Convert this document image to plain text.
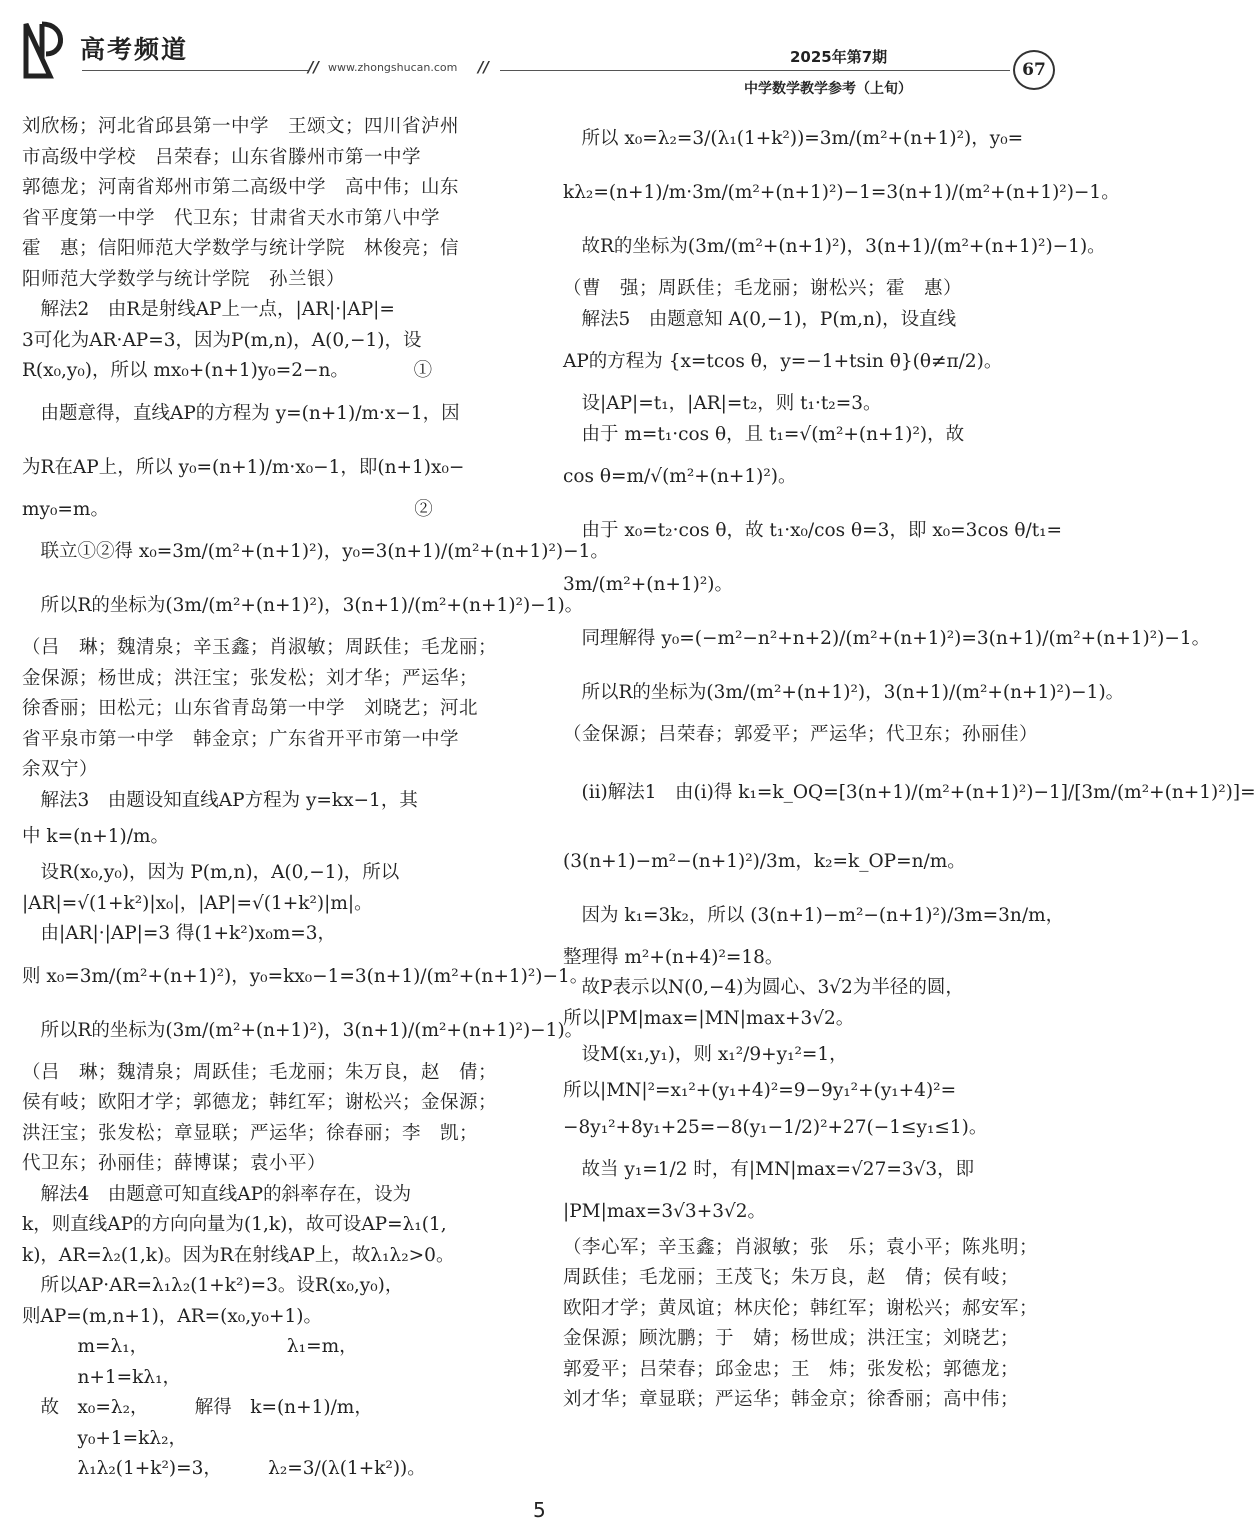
高考频道
// www.zhongshucan.com //
2025年第7期
中学数学教学参考（上旬）
67
刘欣杨；河北省邱县第一中学　王颂文；四川省泸州
市高级中学校　吕荣春；山东省滕州市第一中学
郭德龙；河南省郑州市第二高级中学　高中伟；山东
省平度第一中学　代卫东；甘肃省天水市第八中学
霍　惠；信阳师范大学数学与统计学院　林俊亮；信
阳师范大学数学与统计学院　孙兰银）
　解法2　由R是射线AP上一点，|AR|·|AP|=
3可化为AR·AP=3，因为P(m,n)，A(0,−1)，设
R(x₀,y₀)，所以 mx₀+(n+1)y₀=2−n。　　　　①
　由题意得，直线AP的方程为 y=(n+1)/m·x−1，因
为R在AP上，所以 y₀=(n+1)/m·x₀−1，即(n+1)x₀−
my₀=m。　　　　　　　　　　　　　　　　　②
　联立①②得 x₀=3m/(m²+(n+1)²)，y₀=3(n+1)/(m²+(n+1)²)−1。
　所以R的坐标为(3m/(m²+(n+1)²)，3(n+1)/(m²+(n+1)²)−1)。
（吕　琳；魏清泉；辛玉鑫；肖淑敏；周跃佳；毛龙丽；
金保源；杨世成；洪汪宝；张发松；刘才华；严运华；
徐香丽；田松元；山东省青岛第一中学　刘晓艺；河北
省平泉市第一中学　韩金京；广东省开平市第一中学
余双宁）
　解法3　由题设知直线AP方程为 y=kx−1，其
中 k=(n+1)/m。
　设R(x₀,y₀)，因为 P(m,n)，A(0,−1)，所以
|AR|=√(1+k²)|x₀|，|AP|=√(1+k²)|m|。
　由|AR|·|AP|=3 得(1+k²)x₀m=3，
则 x₀=3m/(m²+(n+1)²)，y₀=kx₀−1=3(n+1)/(m²+(n+1)²)−1。
　所以R的坐标为(3m/(m²+(n+1)²)，3(n+1)/(m²+(n+1)²)−1)。
（吕　琳；魏清泉；周跃佳；毛龙丽；朱万良，赵　倩；
侯有岐；欧阳才学；郭德龙；韩红军；谢松兴；金保源；
洪汪宝；张发松；章显联；严运华；徐春丽；李　凯；
代卫东；孙丽佳；薛博谋；袁小平）
　解法4　由题意可知直线AP的斜率存在，设为
k，则直线AP的方向向量为(1,k)，故可设AP=λ₁(1,
k)，AR=λ₂(1,k)。因为R在射线AP上，故λ₁λ₂>0。
　所以AP·AR=λ₁λ₂(1+k²)=3。设R(x₀,y₀)，
则AP=(m,n+1)，AR=(x₀,y₀+1)。
　　　m=λ₁，　　　　　　　　λ₁=m，
　　　n+1=kλ₁，
　故　x₀=λ₂，　　　解得　k=(n+1)/m，
　　　y₀+1=kλ₂，
　　　λ₁λ₂(1+k²)=3，　　　λ₂=3/(λ(1+k²))。
　所以 x₀=λ₂=3/(λ₁(1+k²))=3m/(m²+(n+1)²)，y₀=
kλ₂=(n+1)/m·3m/(m²+(n+1)²)−1=3(n+1)/(m²+(n+1)²)−1。
　故R的坐标为(3m/(m²+(n+1)²)，3(n+1)/(m²+(n+1)²)−1)。
（曹　强；周跃佳；毛龙丽；谢松兴；霍　惠）
　解法5　由题意知 A(0,−1)，P(m,n)，设直线
AP的方程为 {x=tcos θ，y=−1+tsin θ}(θ≠π/2)。
　设|AP|=t₁，|AR|=t₂，则 t₁·t₂=3。
　由于 m=t₁·cos θ，且 t₁=√(m²+(n+1)²)，故
cos θ=m/√(m²+(n+1)²)。
　由于 x₀=t₂·cos θ，故 t₁·x₀/cos θ=3，即 x₀=3cos θ/t₁=
3m/(m²+(n+1)²)。
　同理解得 y₀=(−m²−n²+n+2)/(m²+(n+1)²)=3(n+1)/(m²+(n+1)²)−1。
　所以R的坐标为(3m/(m²+(n+1)²)，3(n+1)/(m²+(n+1)²)−1)。
（金保源；吕荣春；郭爱平；严运华；代卫东；孙丽佳）
　(ⅱ)解法1　由(ⅰ)得 k₁=k_OQ=[3(n+1)/(m²+(n+1)²)−1]/[3m/(m²+(n+1)²)]=
(3(n+1)−m²−(n+1)²)/3m，k₂=k_OP=n/m。
　因为 k₁=3k₂，所以 (3(n+1)−m²−(n+1)²)/3m=3n/m，
整理得 m²+(n+4)²=18。
　故P表示以N(0,−4)为圆心、3√2为半径的圆，
所以|PM|max=|MN|max+3√2。
　设M(x₁,y₁)，则 x₁²/9+y₁²=1，
所以|MN|²=x₁²+(y₁+4)²=9−9y₁²+(y₁+4)²=
−8y₁²+8y₁+25=−8(y₁−1/2)²+27(−1≤y₁≤1)。
　故当 y₁=1/2 时，有|MN|max=√27=3√3，即
|PM|max=3√3+3√2。
（李心军；辛玉鑫；肖淑敏；张　乐；袁小平；陈兆明；
周跃佳；毛龙丽；王茂飞；朱万良，赵　倩；侯有岐；
欧阳才学；黄凤谊；林庆伦；韩红军；谢松兴；郝安军；
金保源；顾沈鹏；于　婧；杨世成；洪汪宝；刘晓艺；
郭爱平；吕荣春；邱金忠；王　炜；张发松；郭德龙；
刘才华；章显联；严运华；韩金京；徐香丽；高中伟；
5
